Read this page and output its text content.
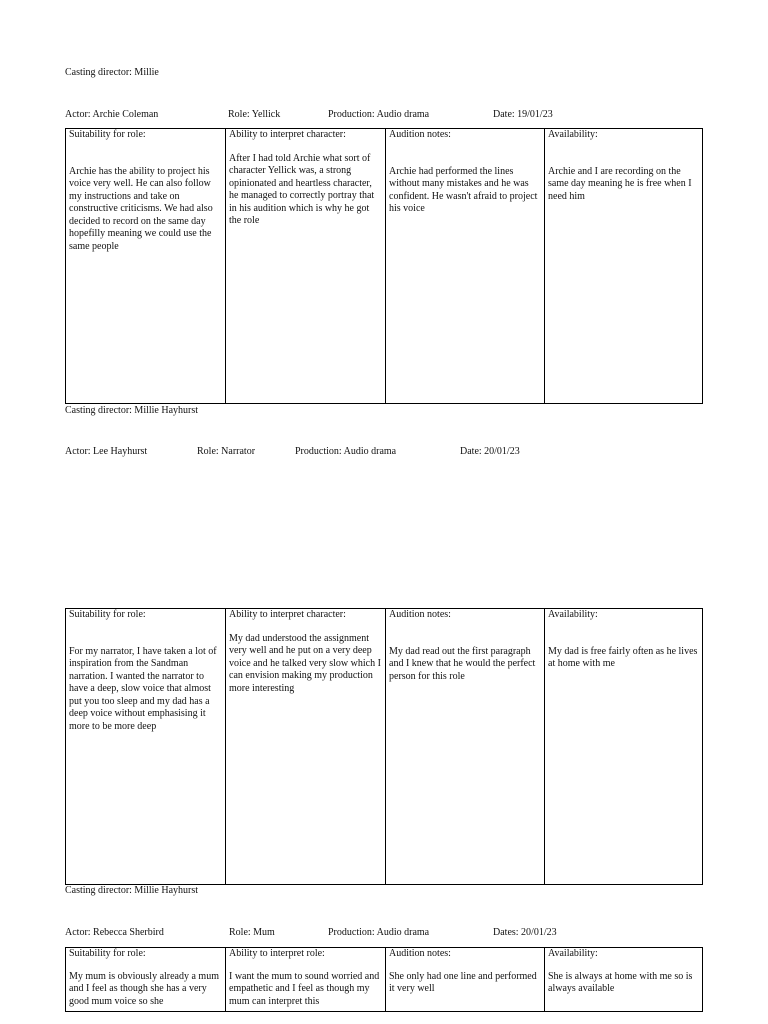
Casting director: Millie
Actor: Archie Coleman	Role: Yellick	Production: Audio drama	Date: 19/01/23
Suitability for role:
Archie has the ability to project his voice very well. He can also follow my instructions and take on constructive criticisms. We had also decided to record on the same day hopefilly meaning we could use the same people
Ability to interpret character:
After I had told Archie what sort of character Yellick was, a strong opinionated and heartless character, he managed to correctly portray that in his audition which is why he got the role
Audition notes:
Archie had performed the lines without many mistakes and he was confident. He wasn't afraid to project his voice
Availability:
Archie and I are recording on the same day meaning he is free when I need him
Casting director: Millie Hayhurst
Actor: Lee Hayhurst	Role: Narrator	Production: Audio drama	Date: 20/01/23
Suitability for role:
For my narrator, I have taken a lot of inspiration from the Sandman narration. I wanted the narrator to have a deep, slow voice that almost put you too sleep and my dad has a deep voice without emphasising it more to be more deep
Ability to interpret character:
My dad understood the assignment very well and he put on a very deep voice and he talked very slow which I can envision making my production more interesting
Audition notes:
My dad read out the first paragraph and I knew that he would the perfect person for this role
Availability:
My dad is free fairly often as he lives at home with me
Casting director: Millie Hayhurst
Actor: Rebecca Sherbird	Role: Mum	Production: Audio drama	Dates: 20/01/23
Suitability for role:
My mum is obviously already a mum and I feel as though she has a very good mum voice so she
Ability to interpret role:
I want the mum to sound worried and empathetic and I feel as though my mum can interpret this
Audition notes:
She only had one line and performed it very well
Availability:
She is always at home with me so is always available
